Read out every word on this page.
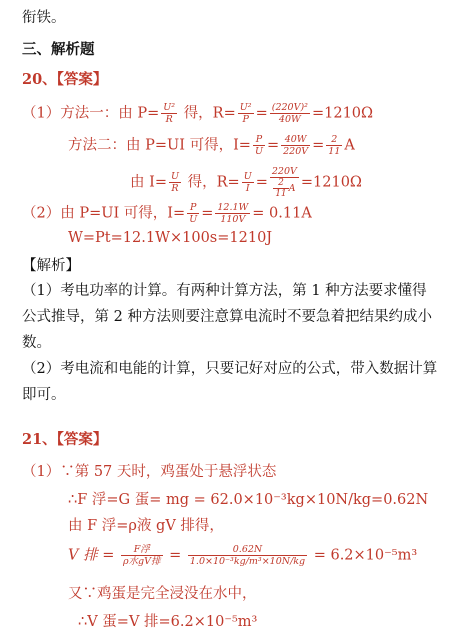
衔铁。
三、解析题
20、【答案】
（1）方法一：由 $P= \frac{\text{U²}}{R}$ 得，$R= \frac{\text{U²}}{P} = \frac{\text{(220V)²}}{40W} =1210\Omega$
方法二：由 P=UI 可得，$I= \frac{P}{U} = \frac{40W}{220V} = \frac{2}{11}$ A
由 $I= \frac{U}{R}$ 得，$R= \frac{U}{I} = \frac{220V}{\frac{2}{11} A} =1210\Omega$
（2）由 P=UI 可得，$I= \frac{P}{U} = \frac{12.1W}{110V} = 0.11A$
W=Pt=12.1W×100s=1210J
【解析】
（1）考电功率的计算。有两种计算方法，第 1 种方法要求懂得公式推导，第 2 种方法则要注意算电流时不要急着把结果约成小数。
（2）考电流和电能的计算，只要记好对应的公式，带入数据计算即可。
21、【答案】
（1）∵第 57 天时，鸡蛋处于悬浮状态
∴F 浮=G 蛋= mg = 62.0×10⁻³kg×10N/kg=0.62N
由 F 浮=ρ液 gV 排得，
V 排 = $\frac{\text{F浮}}{\text{ρ水gV排}} = \frac{0.62N}{\text{1.0×10⁻³kg/m³×10N/kg}} = 6.2\times 10^{-5}m^3$
又∵鸡蛋是完全浸没在水中，
∴V 蛋=V 排=6.2×10⁻⁵m³
